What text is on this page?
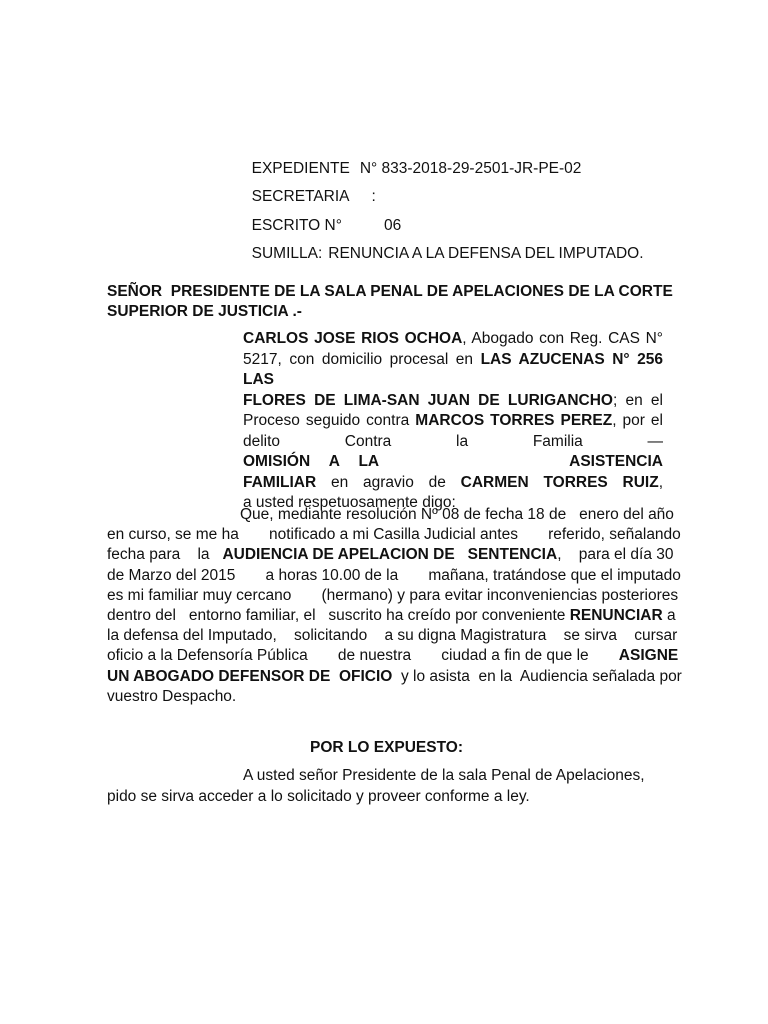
EXPEDIENTE N° 833-2018-29-2501-JR-PE-02

SECRETARIA :

ESCRITO N°	06

SUMILLA: RENUNCIA A LA DEFENSA DEL IMPUTADO.

SEÑOR  PRESIDENTE DE LA SALA PENAL DE APELACIONES DE LA CORTE
SUPERIOR DE JUSTICIA .-
CARLOS JOSE RIOS OCHOA, Abogado con Reg. CAS N°
5217, con domicilio procesal en LAS AZUCENAS N° 256 LAS
FLORES DE LIMA-SAN JUAN DE LURIGANCHO; en el
Proceso seguido contra MARCOS TORRES PEREZ, por el
delito Contra la Familia — OMISIÓN A LA          ASISTENCIA
FAMILIAR en agravio de CARMEN TORRES RUIZ,
a usted respetuosamente digo:
Que, mediante resolución Nº 08 de fecha 18 de   enero del año
en curso, se me ha       notificado a mi Casilla Judicial antes       referido, señalando
fecha para    la   AUDIENCIA DE APELACION DE   SENTENCIA,    para el día 30
de Marzo del 2015       a horas 10.00 de la       mañana, tratándose que el imputado
es mi familiar muy cercano       (hermano) y para evitar inconveniencias posteriores
dentro del   entorno familiar, el   suscrito ha creído por conveniente RENUNCIAR a
la defensa del Imputado,    solicitando    a su digna Magistratura    se sirva    cursar
oficio a la Defensoría Pública       de nuestra       ciudad a fin de que le       ASIGNE
UN ABOGADO DEFENSOR DE  OFICIO  y lo asista  en la  Audiencia señalada por
vuestro Despacho.
POR LO EXPUESTO:
A usted señor Presidente de la sala Penal de Apelaciones,
pido se sirva acceder a lo solicitado y proveer conforme a ley.
